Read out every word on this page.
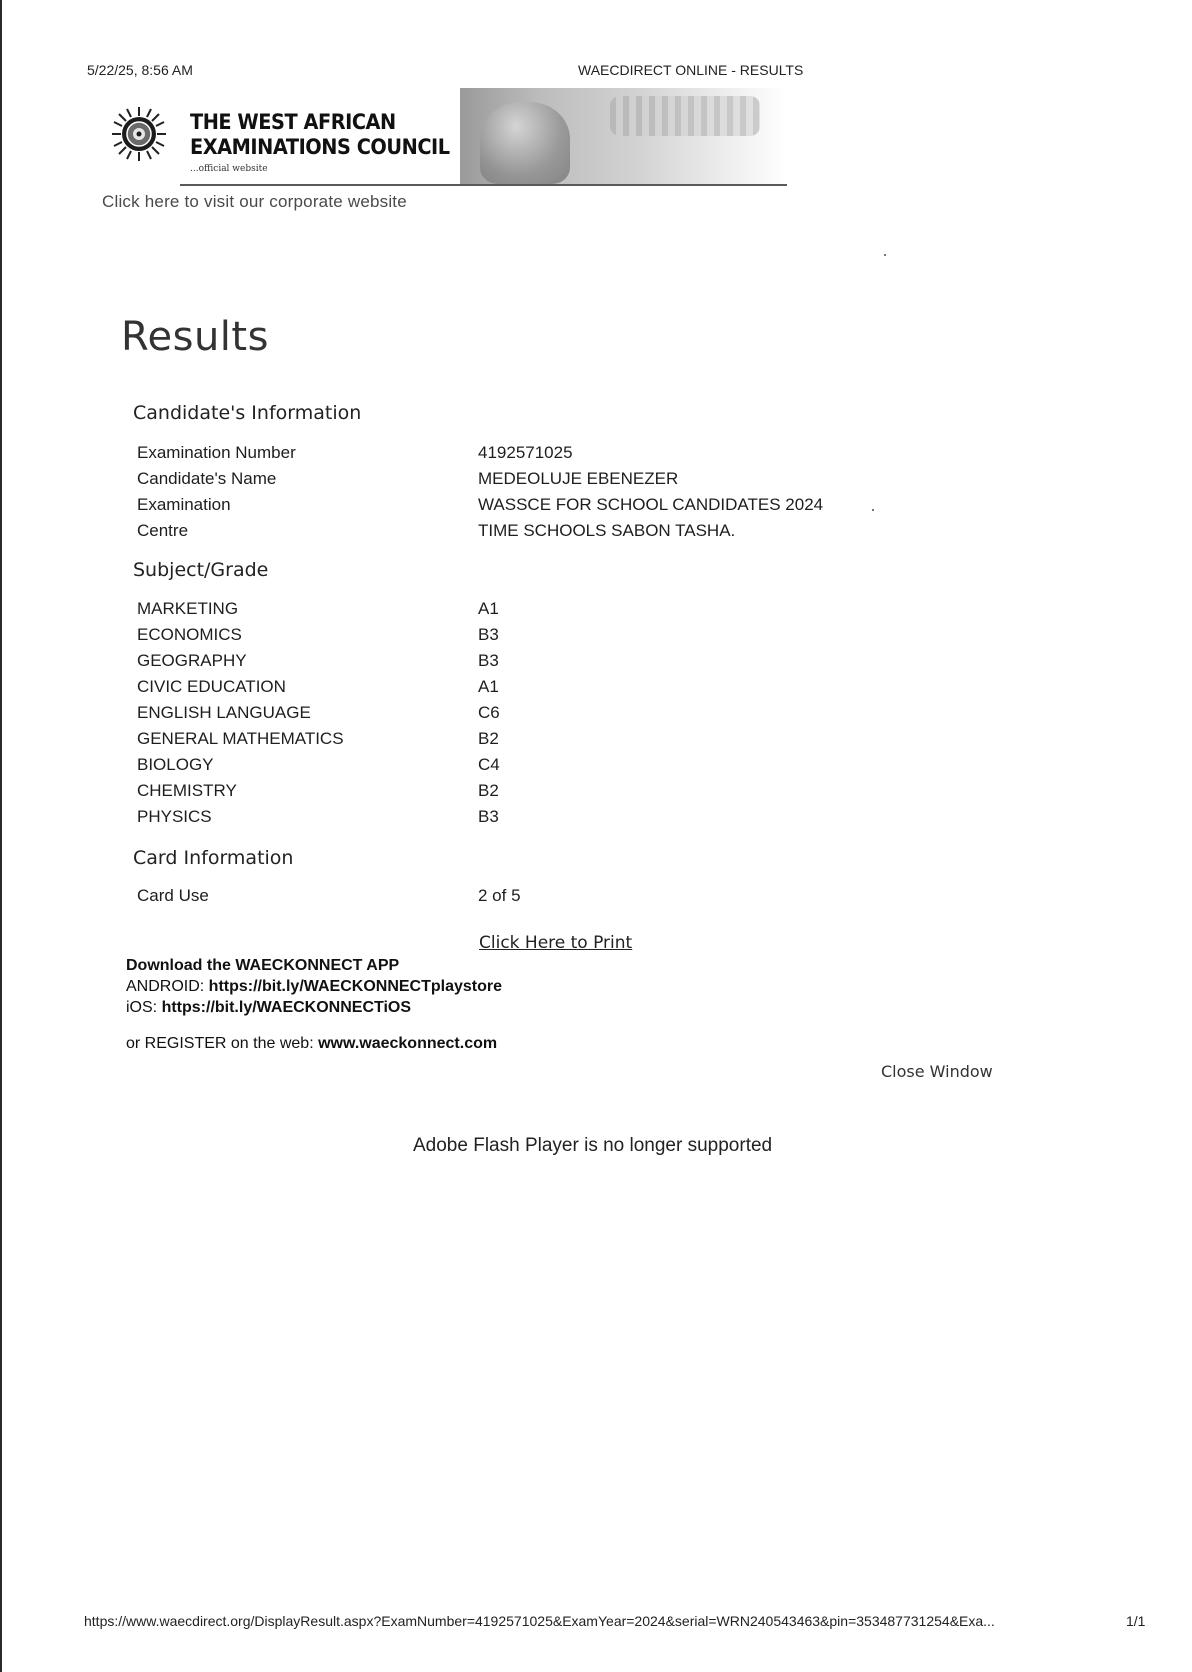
5/22/25, 8:56 AM	WAECDIRECT ONLINE - RESULTS
THE WEST AFRICAN
EXAMINATIONS COUNCIL
...official website
Click here to visit our corporate website
Results
Candidate's Information
Examination Number	4192571025
Candidate's Name	MEDEOLUJE EBENEZER
Examination	WASSCE FOR SCHOOL CANDIDATES 2024
Centre	TIME SCHOOLS SABON TASHA.
Subject/Grade
MARKETING	A1
ECONOMICS	B3
GEOGRAPHY	B3
CIVIC EDUCATION	A1
ENGLISH LANGUAGE	C6
GENERAL MATHEMATICS	B2
BIOLOGY	C4
CHEMISTRY	B2
PHYSICS	B3
Card Information
Card Use	2 of 5
Click Here to Print
Download the WAECKONNECT APP
ANDROID: https://bit.ly/WAECKONNECTplaystore
iOS: https://bit.ly/WAECKONNECTiOS
or REGISTER on the web: www.waeckonnect.com
Close Window
Adobe Flash Player is no longer supported
https://www.waecdirect.org/DisplayResult.aspx?ExamNumber=4192571025&ExamYear=2024&serial=WRN240543463&pin=353487731254&Exa...	1/1
